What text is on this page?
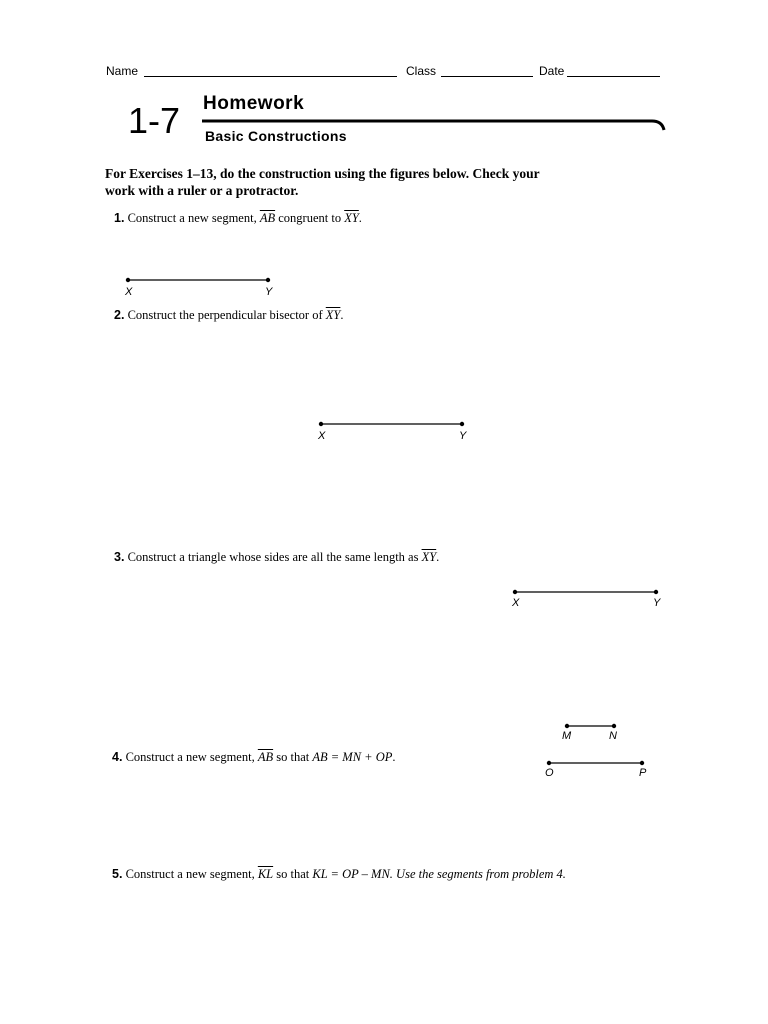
Name	Class	Date
1-7 Homework
Basic Constructions
For Exercises 1–13, do the construction using the figures below. Check your
work with a ruler or a protractor.
1. Construct a new segment, $\overline{AB}$ congruent to $\overline{XY}$.
X	Y
2. Construct the perpendicular bisector of $\overline{XY}$.
X	Y
3. Construct a triangle whose sides are all the same length as $\overline{XY}$.
X	Y
M	N
4. Construct a new segment, $\overline{AB}$ so that AB = MN + OP.
O	P
5. Construct a new segment, $\overline{KL}$ so that KL = OP – MN. Use the segments from problem 4.
